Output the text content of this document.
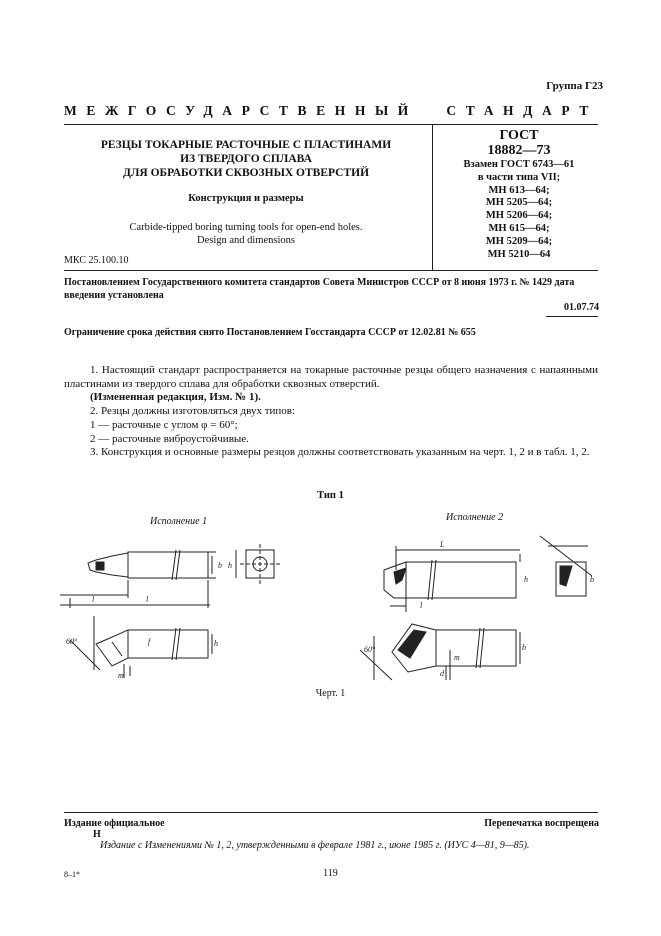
Группа Г23
МЕЖГОСУДАРСТВЕННЫЙ СТАНДАРТ
РЕЗЦЫ ТОКАРНЫЕ РАСТОЧНЫЕ С ПЛАСТИНАМИ
ИЗ ТВЕРДОГО СПЛАВА
ДЛЯ ОБРАБОТКИ СКВОЗНЫХ ОТВЕРСТИЙ
Конструкция и размеры
Carbide-tipped boring turning tools for open-end holes.
Design and dimensions
МКС 25.100.10
ГОСТ
18882—73
Взамен ГОСТ 6743—61
в части типа VII;
МН 613—64;
МН 5205—64;
МН 5206—64;
МН 615—64;
МН 5209—64;
МН 5210—64
Постановлением Государственного комитета стандартов Совета Министров СССР от 8 июня 1973 г. № 1429 дата введения установлена
01.07.74
Ограничение срока действия снято Постановлением Госстандарта СССР от 12.02.81 № 655

1. Настоящий стандарт распространяется на токарные расточные резцы общего назначения с напаянными пластинами из твердого сплава для обработки сквозных отверстий.

(Измененная редакция, Изм. № 1).

2. Резцы должны изготовляться двух типов:

1 — расточные с углом φ = 60°;

2 — расточные виброустойчивые.

3. Конструкция и основные размеры резцов должны соответствовать указанным на черт. 1, 2 и в табл. 1, 2.

Тип 1
Исполнение 1	Исполнение 2
l
b h
l
60°
m
f	h
L
l
b
h
60°
m
b
d
Черт. 1
Издание официальное	Перепечатка воспрещена
Н
Издание с Изменениями № 1, 2, утвержденными в феврале 1981 г., июне 1985 г. (ИУС 4—81, 9—85).
8–1*	119
